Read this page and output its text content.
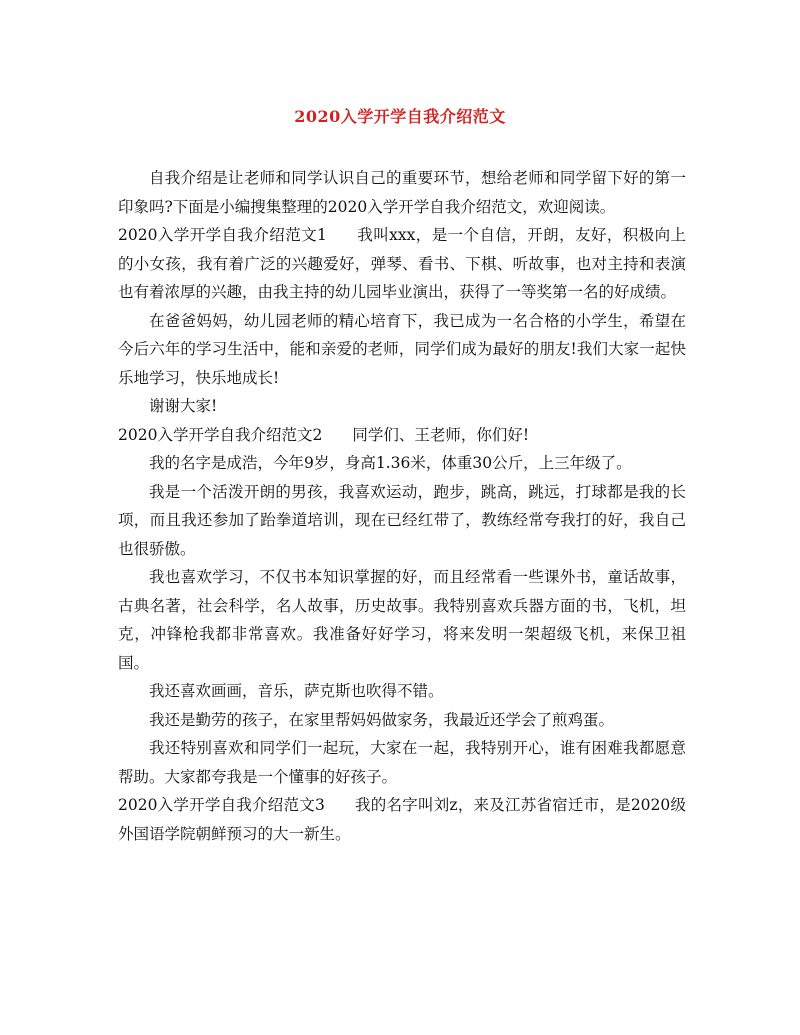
2020入学开学自我介绍范文

自我介绍是让老师和同学认识自己的重要环节，想给老师和同学留下好的第一印象吗?下面是小编搜集整理的2020入学开学自我介绍范文，欢迎阅读。

2020入学开学自我介绍范文1 我叫xxx，是一个自信，开朗，友好，积极向上的小女孩，我有着广泛的兴趣爱好，弹琴、看书、下棋、听故事，也对主持和表演也有着浓厚的兴趣，由我主持的幼儿园毕业演出，获得了一等奖第一名的好成绩。

在爸爸妈妈，幼儿园老师的精心培育下，我已成为一名合格的小学生，希望在今后六年的学习生活中，能和亲爱的老师，同学们成为最好的朋友!我们大家一起快乐地学习，快乐地成长!

谢谢大家!

2020入学开学自我介绍范文2 同学们、王老师，你们好!

我的名字是成浩，今年9岁，身高1.36米，体重30公斤，上三年级了。

我是一个活泼开朗的男孩，我喜欢运动，跑步，跳高，跳远，打球都是我的长项，而且我还参加了跆拳道培训，现在已经红带了，教练经常夸我打的好，我自己也很骄傲。

我也喜欢学习，不仅书本知识掌握的好，而且经常看一些课外书，童话故事，古典名著，社会科学，名人故事，历史故事。我特别喜欢兵器方面的书，飞机，坦克，冲锋枪我都非常喜欢。我准备好好学习，将来发明一架超级飞机，来保卫祖国。

我还喜欢画画，音乐，萨克斯也吹得不错。

我还是勤劳的孩子，在家里帮妈妈做家务，我最近还学会了煎鸡蛋。

我还特别喜欢和同学们一起玩，大家在一起，我特别开心，谁有困难我都愿意帮助。大家都夸我是一个懂事的好孩子。

2020入学开学自我介绍范文3 我的名字叫刘z，来及江苏省宿迁市，是2020级外国语学院朝鲜预习的大一新生。
